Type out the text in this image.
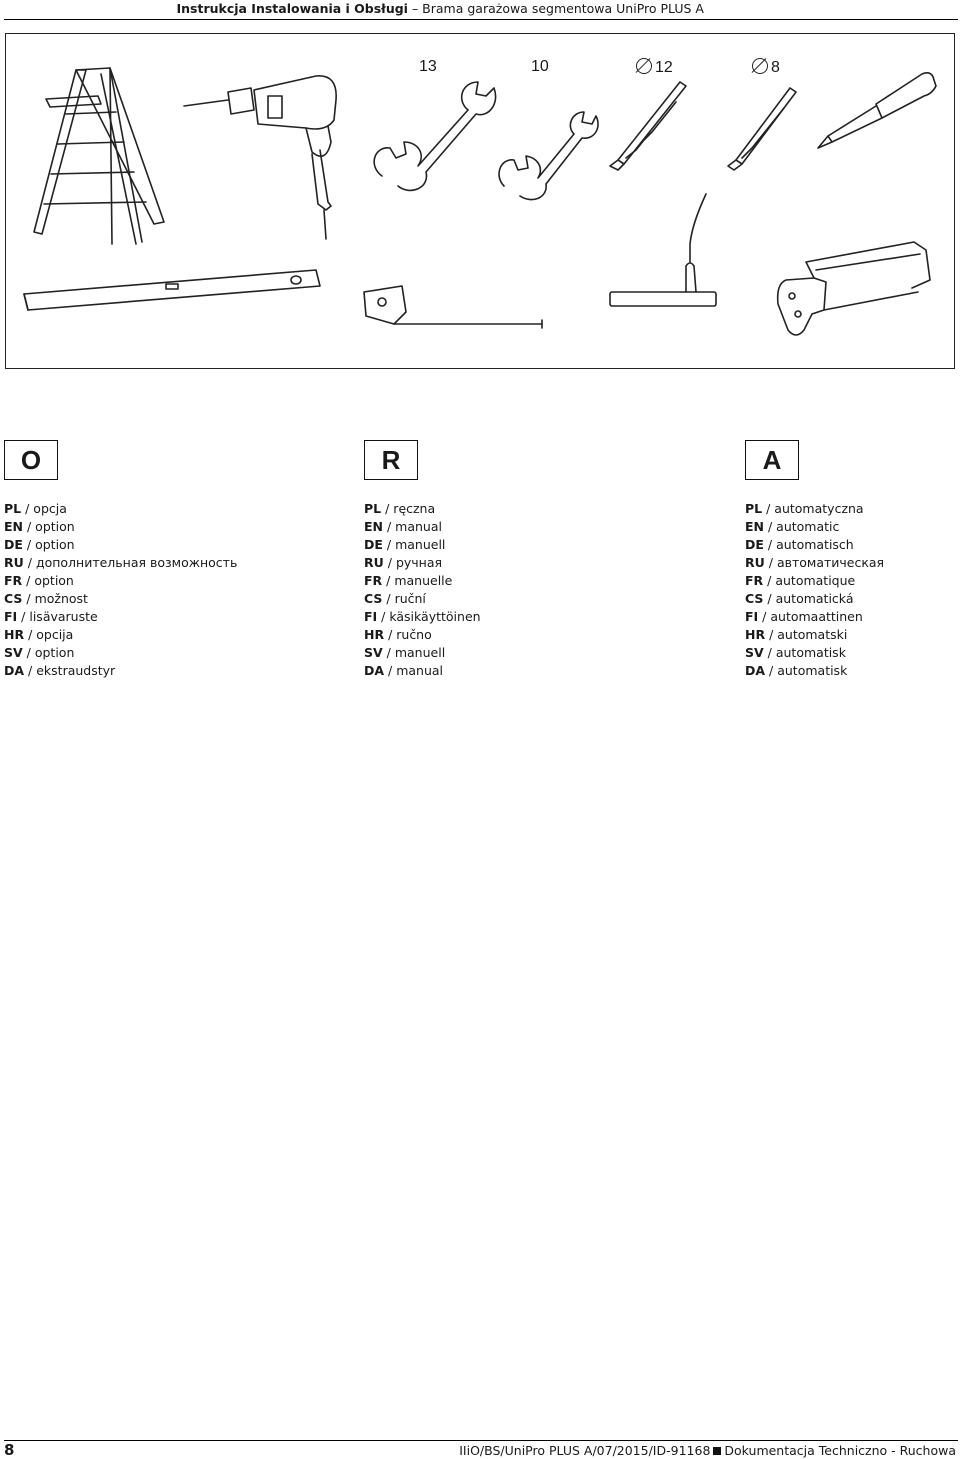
Instrukcja Instalowania i Obsługi – Brama garażowa segmentowa UniPro PLUS A
13	10	12	8
O
PL / opcja
EN / option
DE / option
RU / дополнительная возможность
FR / option
CS / možnost
FI / lisävaruste
HR / opcija
SV / option
DA / ekstraudstyr
R
PL / ręczna
EN / manual
DE / manuell
RU / ручная
FR / manuelle
CS / ruční
FI / käsikäyttöinen
HR / ručno
SV / manuell
DA / manual
A
PL / automatyczna
EN / automatic
DE / automatisch
RU / автоматическая
FR / automatique
CS / automatická
FI / automaattinen
HR / automatski
SV / automatisk
DA / automatisk
8	IIiO/BS/UniPro PLUS A/07/2015/ID-91168 Dokumentacja Techniczno - Ruchowa
